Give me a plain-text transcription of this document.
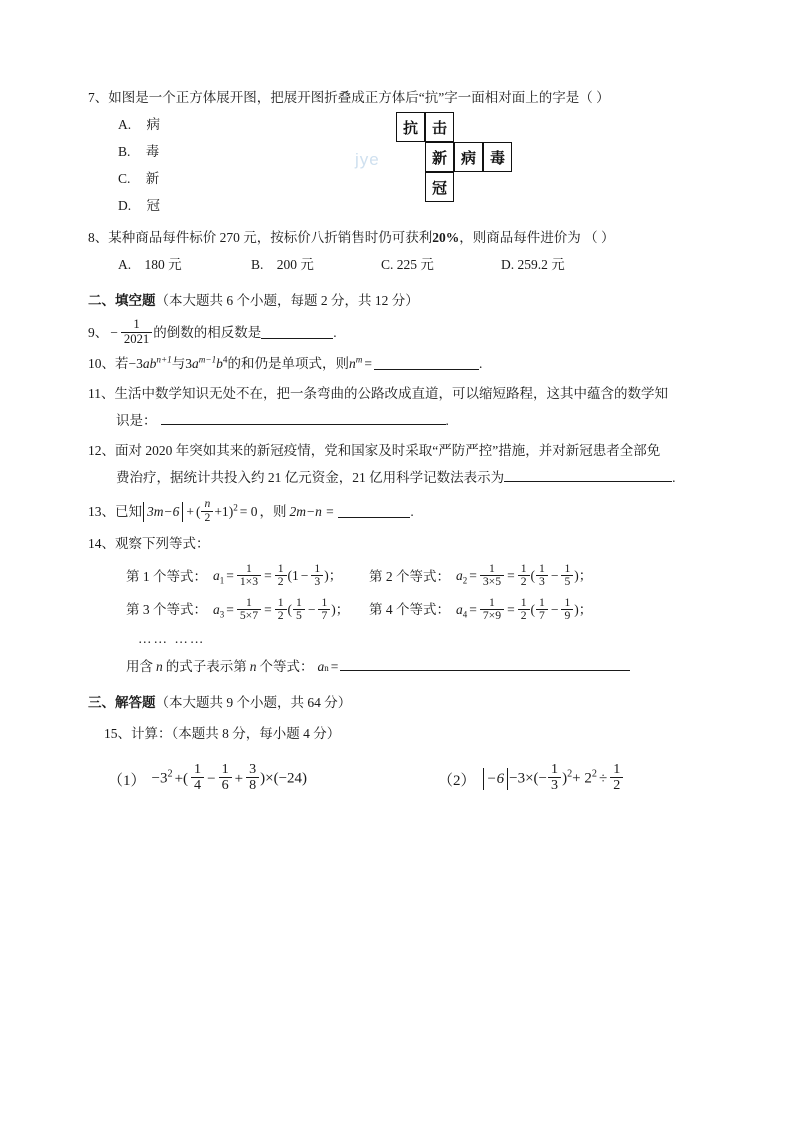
jye
7、 如图是一个正方体展开图，把展开图折叠成正方体后“抗”字一面相对面上的字是（ ）
A. 病
B. 毒
C. 新
D. 冠
8、 某种商品每件标价 270 元，按标价八折销售时仍可获利20%，则商品每件进价为 （ ）
A. 180 元	B. 200 元	C. 225 元	D. 259.2 元
二、填空题（本大题共 6 个小题，每题 2 分，共 12 分）
9、 − $\frac{1}{2021}$ 的倒数的相反数是	.
10、 若$-3ab^{n+1}$与$3a^{m-1}b^4$的和仍是单项式，则$n^m$ =	.
11、 生活中数学知识无处不在，把一条弯曲的公路改成直道，可以缩短路程，这其中蕴含的数学知
识是：	.
12、 面对 2020 年突如其来的新冠疫情，党和国家及时采取“严防严控”措施，并对新冠患者全部免
费治疗，据统计共投入约 21 亿元资金，21 亿用科学记数法表示为	.
13、 已知 3m−6 + ( $\frac{n}{2} +1)^2 = 0$ ，则 2m−n =	.
14、 观察下列等式：
第 1 个等式： $a_1 = \frac{1}{1\times 3} = \frac{1}{2} (1 - \frac{1}{3}$ )； 第 2 个等式： $a_2 = \frac{1}{3\times 5} = \frac{1}{2}$ ( $\frac{1}{3} - \frac{1}{5}$ )；
第 3 个等式： $a_3 = \frac{1}{5\times 7} = \frac{1}{2}$ ( $\frac{1}{5} - \frac{1}{7}$ )； 第 4 个等式： $a_4 = \frac{1}{7\times 9} = \frac{1}{2}$ ( $\frac{1}{7} - \frac{1}{9}$ )；
…… ……
用含 n 的式子表示第 n 个等式： a n =
三、解答题（本大题共 9 个小题，共 64 分）
15、 计算：（本题共 8 分，每小题 4 分）
$(1) -3^2$ +( $\frac{1}{4} - \frac{1}{6} + \frac{3}{8} )\times(-24)$	$(2) -6 -3\times(- \frac{1}{3} )^2+ 2^2 \div \frac{1}{2}$
抗 击
新 病 毒
冠
